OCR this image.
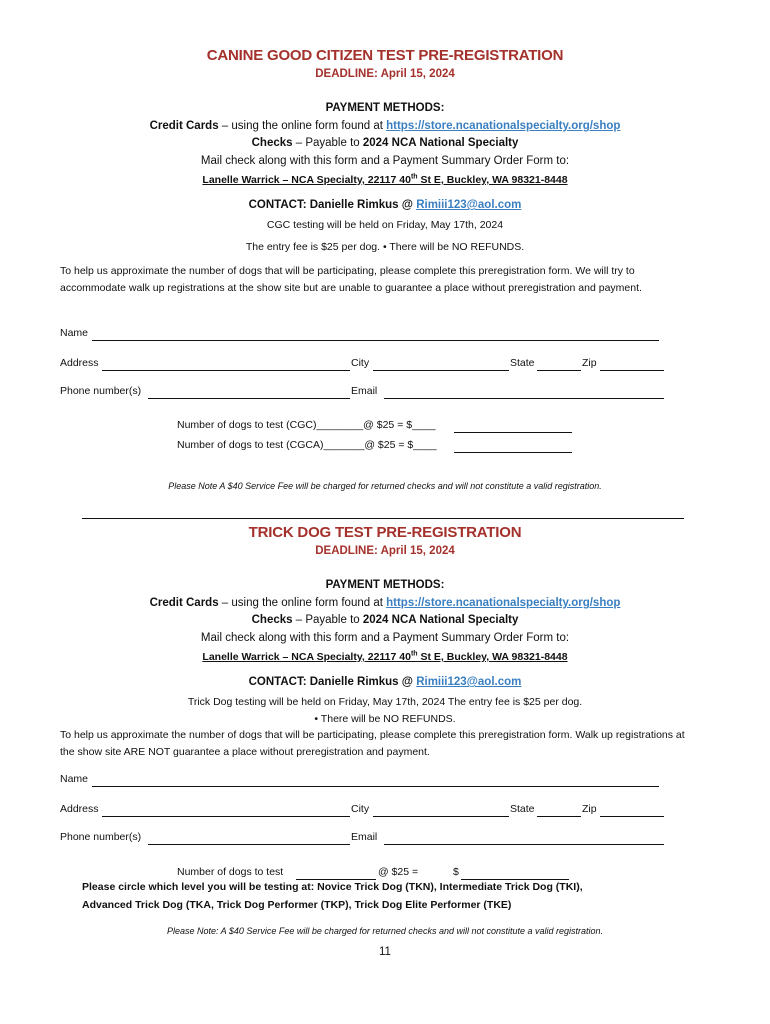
CANINE GOOD CITIZEN TEST PRE-REGISTRATION
DEADLINE: April 15, 2024
PAYMENT METHODS:
Credit Cards – using the online form found at https://store.ncanationalspecialty.org/shop
Checks – Payable to 2024 NCA National Specialty
Mail check along with this form and a Payment Summary Order Form to:
Lanelle Warrick – NCA Specialty, 22117 40th St E, Buckley, WA 98321-8448
CONTACT: Danielle Rimkus @ Rimiii123@aol.com
CGC testing will be held on Friday, May 17th, 2024
The entry fee is $25 per dog. • There will be NO REFUNDS.
To help us approximate the number of dogs that will be participating, please complete this preregistration form. We will try to accommodate walk up registrations at the show site but are unable to guarantee a place without preregistration and payment.
Name
Address	City	State	Zip
Phone number(s)	Email
Number of dogs to test (CGC)________@ $25 = $____
Number of dogs to test (CGCA)_______@ $25 = $____
Please Note A $40 Service Fee will be charged for returned checks and will not constitute a valid registration.
TRICK DOG TEST PRE-REGISTRATION
DEADLINE: April 15, 2024
PAYMENT METHODS:
Credit Cards – using the online form found at https://store.ncanationalspecialty.org/shop
Checks – Payable to 2024 NCA National Specialty
Mail check along with this form and a Payment Summary Order Form to:
Lanelle Warrick – NCA Specialty, 22117 40th St E, Buckley, WA 98321-8448
CONTACT: Danielle Rimkus @ Rimiii123@aol.com
Trick Dog testing will be held on Friday, May 17th, 2024 The entry fee is $25 per dog.
• There will be NO REFUNDS.
To help us approximate the number of dogs that will be participating, please complete this preregistration form. Walk up registrations at the show site ARE NOT guarantee a place without preregistration and payment.
Name
Address	City	State	Zip
Phone number(s)	Email
Number of dogs to test	@ $25 =	$
Please circle which level you will be testing at: Novice Trick Dog (TKN), Intermediate Trick Dog (TKI),
Advanced Trick Dog (TKA, Trick Dog Performer (TKP), Trick Dog Elite Performer (TKE)
Please Note: A $40 Service Fee will be charged for returned checks and will not constitute a valid registration.
11
